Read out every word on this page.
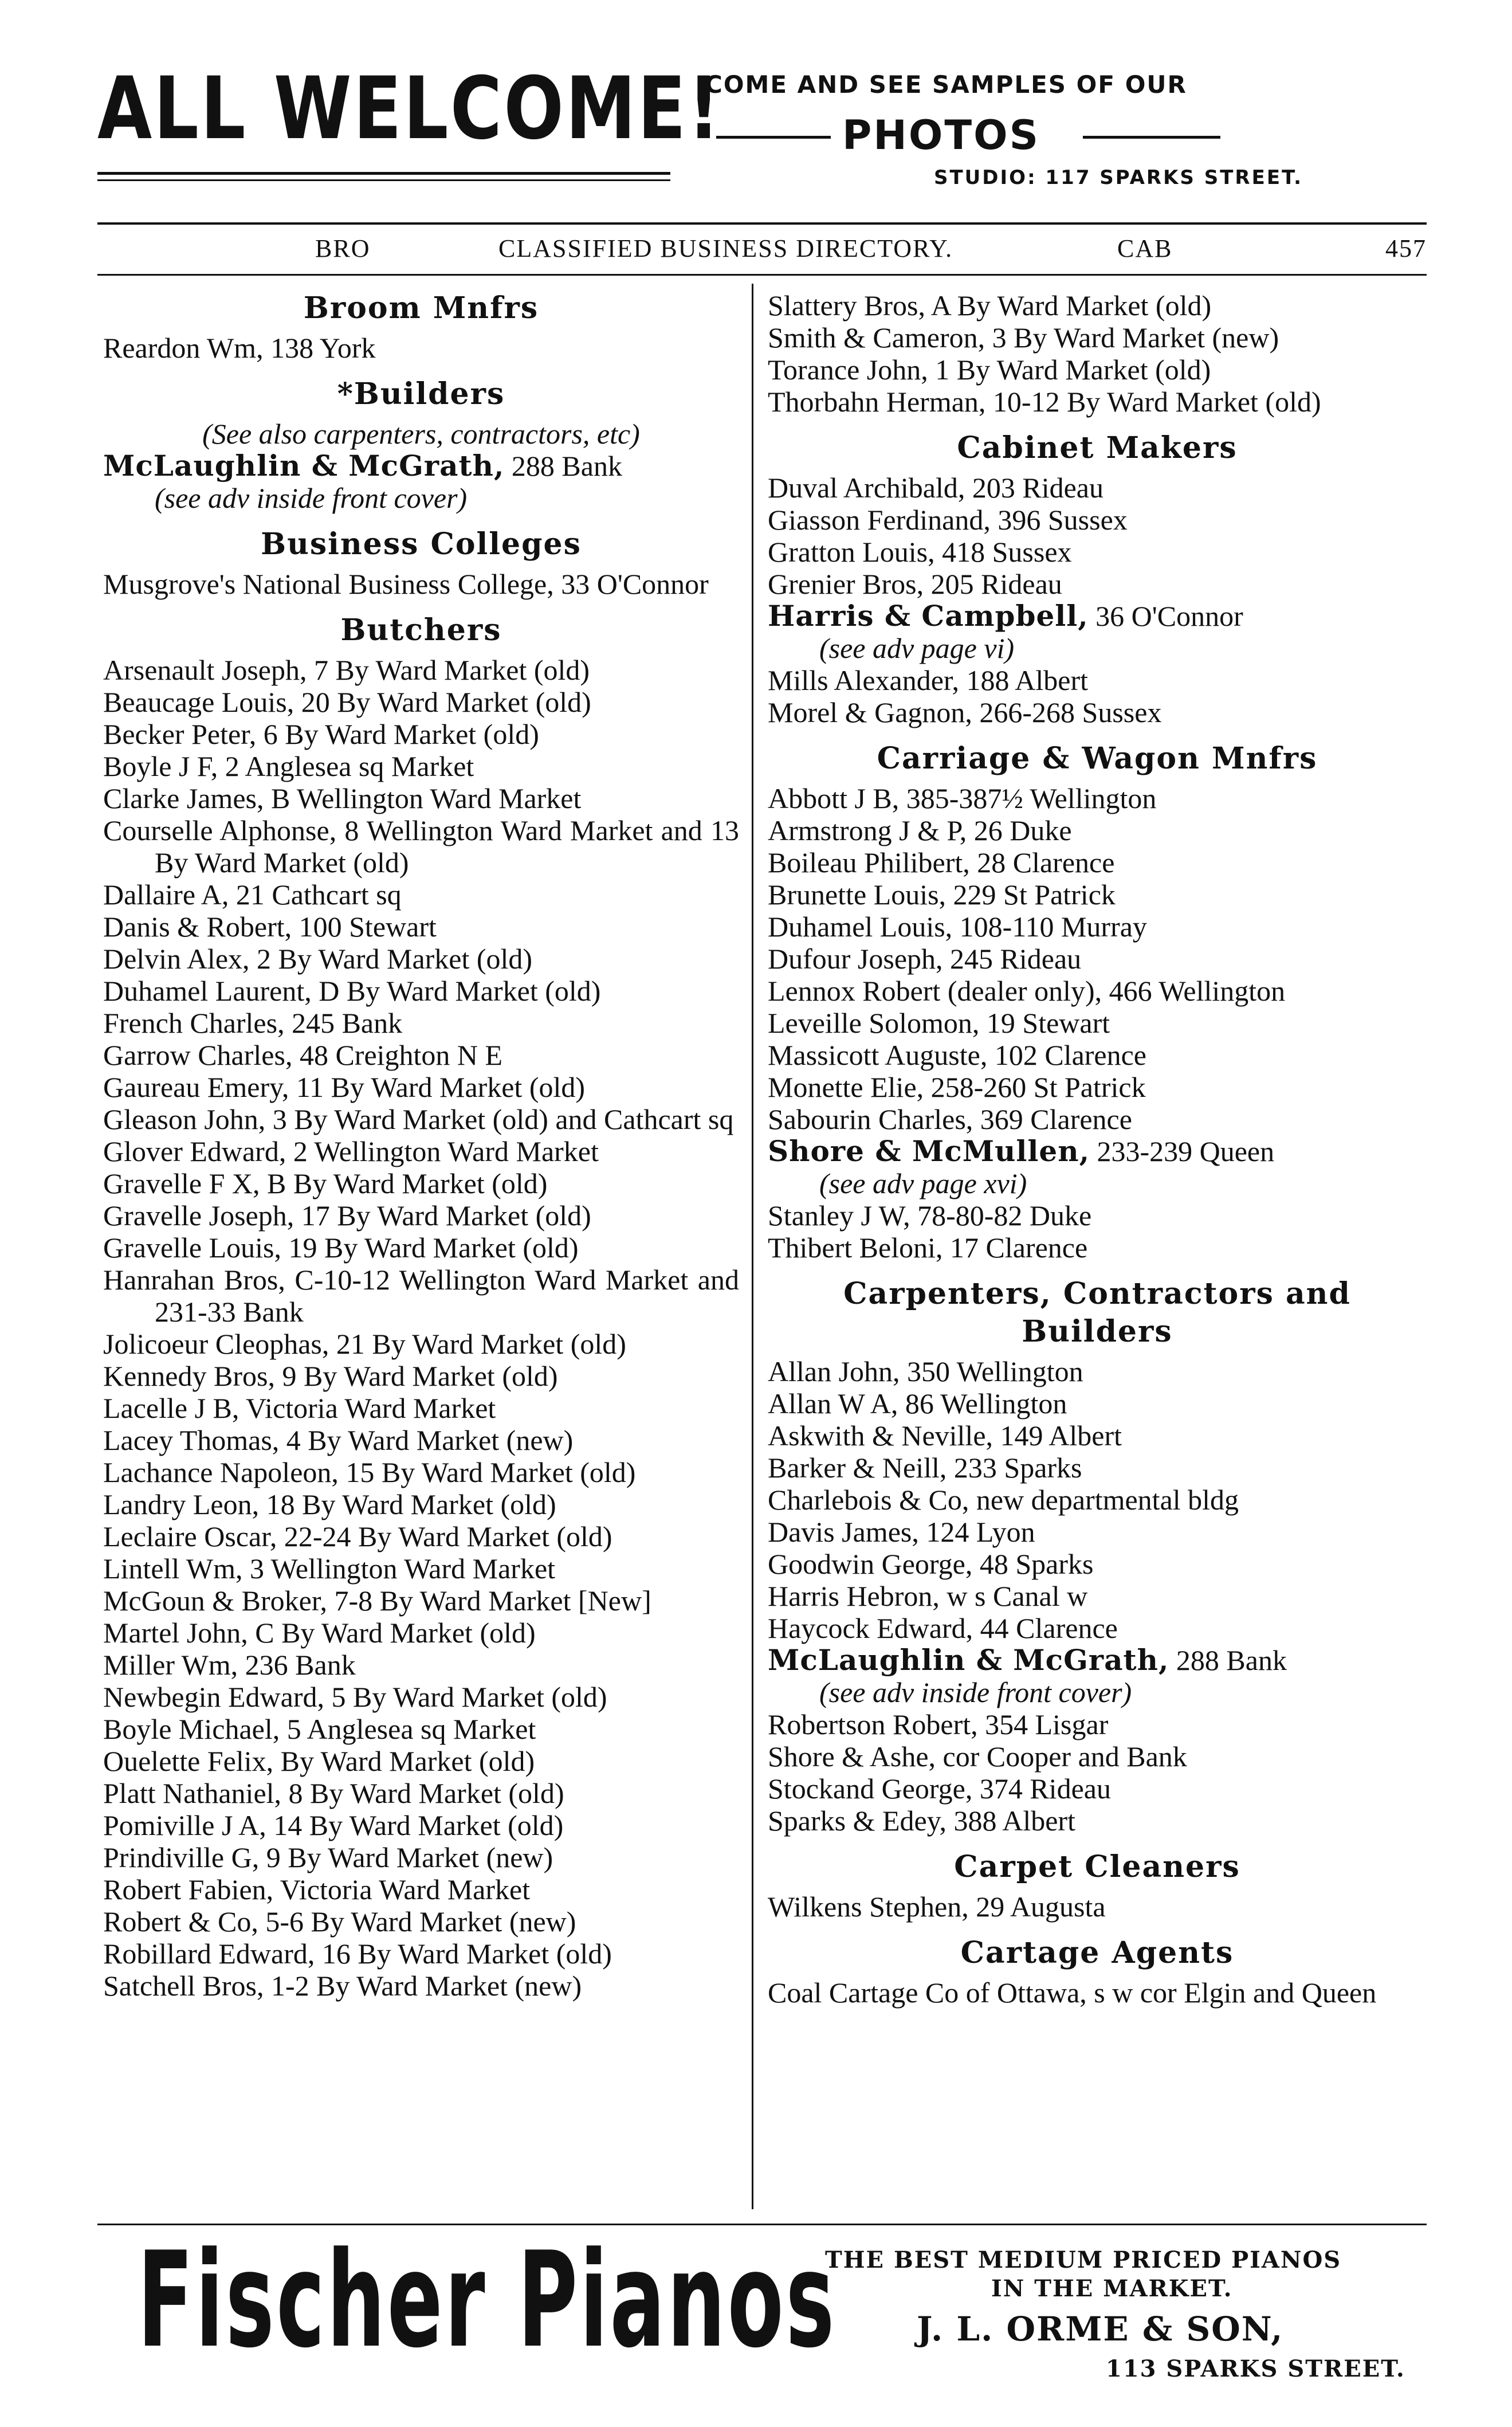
ALL WELCOME!
COME AND SEE SAMPLES OF OUR
PHOTOS
STUDIO: 117 SPARKS STREET.
BRO	CLASSIFIED BUSINESS DIRECTORY.	CAB	457
Broom Mnfrs
Reardon Wm, 138 York
*Builders
(See also carpenters, contractors, etc)
McLaughlin & McGrath, 288 Bank
(see adv inside front cover)
Business Colleges
Musgrove's National Business College, 33 O'Connor
Butchers
Arsenault Joseph, 7 By Ward Market (old)
Beaucage Louis, 20 By Ward Market (old)
Becker Peter, 6 By Ward Market (old)
Boyle J F, 2 Anglesea sq Market
Clarke James, B Wellington Ward Market
Courselle Alphonse, 8 Wellington Ward Market and 13 By Ward Market (old)
Dallaire A, 21 Cathcart sq
Danis & Robert, 100 Stewart
Delvin Alex, 2 By Ward Market (old)
Duhamel Laurent, D By Ward Market (old)
French Charles, 245 Bank
Garrow Charles, 48 Creighton N E
Gaureau Emery, 11 By Ward Market (old)
Gleason John, 3 By Ward Market (old) and Cathcart sq
Glover Edward, 2 Wellington Ward Market
Gravelle F X, B By Ward Market (old)
Gravelle Joseph, 17 By Ward Market (old)
Gravelle Louis, 19 By Ward Market (old)
Hanrahan Bros, C-10-12 Wellington Ward Market and 231-33 Bank
Jolicoeur Cleophas, 21 By Ward Market (old)
Kennedy Bros, 9 By Ward Market (old)
Lacelle J B, Victoria Ward Market
Lacey Thomas, 4 By Ward Market (new)
Lachance Napoleon, 15 By Ward Market (old)
Landry Leon, 18 By Ward Market (old)
Leclaire Oscar, 22-24 By Ward Market (old)
Lintell Wm, 3 Wellington Ward Market
McGoun & Broker, 7-8 By Ward Market [New]
Martel John, C By Ward Market (old)
Miller Wm, 236 Bank
Newbegin Edward, 5 By Ward Market (old)
Boyle Michael, 5 Anglesea sq Market
Ouelette Felix, By Ward Market (old)
Platt Nathaniel, 8 By Ward Market (old)
Pomiville J A, 14 By Ward Market (old)
Prindiville G, 9 By Ward Market (new)
Robert Fabien, Victoria Ward Market
Robert & Co, 5-6 By Ward Market (new)
Robillard Edward, 16 By Ward Market (old)
Satchell Bros, 1-2 By Ward Market (new)
Slattery Bros, A By Ward Market (old)
Smith & Cameron, 3 By Ward Market (new)
Torance John, 1 By Ward Market (old)
Thorbahn Herman, 10-12 By Ward Market (old)
Cabinet Makers
Duval Archibald, 203 Rideau
Giasson Ferdinand, 396 Sussex
Gratton Louis, 418 Sussex
Grenier Bros, 205 Rideau
Harris & Campbell, 36 O'Connor
(see adv page vi)
Mills Alexander, 188 Albert
Morel & Gagnon, 266-268 Sussex
Carriage & Wagon Mnfrs
Abbott J B, 385-387½ Wellington
Armstrong J & P, 26 Duke
Boileau Philibert, 28 Clarence
Brunette Louis, 229 St Patrick
Duhamel Louis, 108-110 Murray
Dufour Joseph, 245 Rideau
Lennox Robert (dealer only), 466 Wellington
Leveille Solomon, 19 Stewart
Massicott Auguste, 102 Clarence
Monette Elie, 258-260 St Patrick
Sabourin Charles, 369 Clarence
Shore & McMullen, 233-239 Queen
(see adv page xvi)
Stanley J W, 78-80-82 Duke
Thibert Beloni, 17 Clarence
Carpenters, Contractors and Builders
Allan John, 350 Wellington
Allan W A, 86 Wellington
Askwith & Neville, 149 Albert
Barker & Neill, 233 Sparks
Charlebois & Co, new departmental bldg
Davis James, 124 Lyon
Goodwin George, 48 Sparks
Harris Hebron, w s Canal w
Haycock Edward, 44 Clarence
McLaughlin & McGrath, 288 Bank
(see adv inside front cover)
Robertson Robert, 354 Lisgar
Shore & Ashe, cor Cooper and Bank
Stockand George, 374 Rideau
Sparks & Edey, 388 Albert
Carpet Cleaners
Wilkens Stephen, 29 Augusta
Cartage Agents
Coal Cartage Co of Ottawa, s w cor Elgin and Queen
Fischer Pianos
THE BEST MEDIUM PRICED PIANOS
IN THE MARKET.
J. L. ORME & SON,
113 SPARKS STREET.
